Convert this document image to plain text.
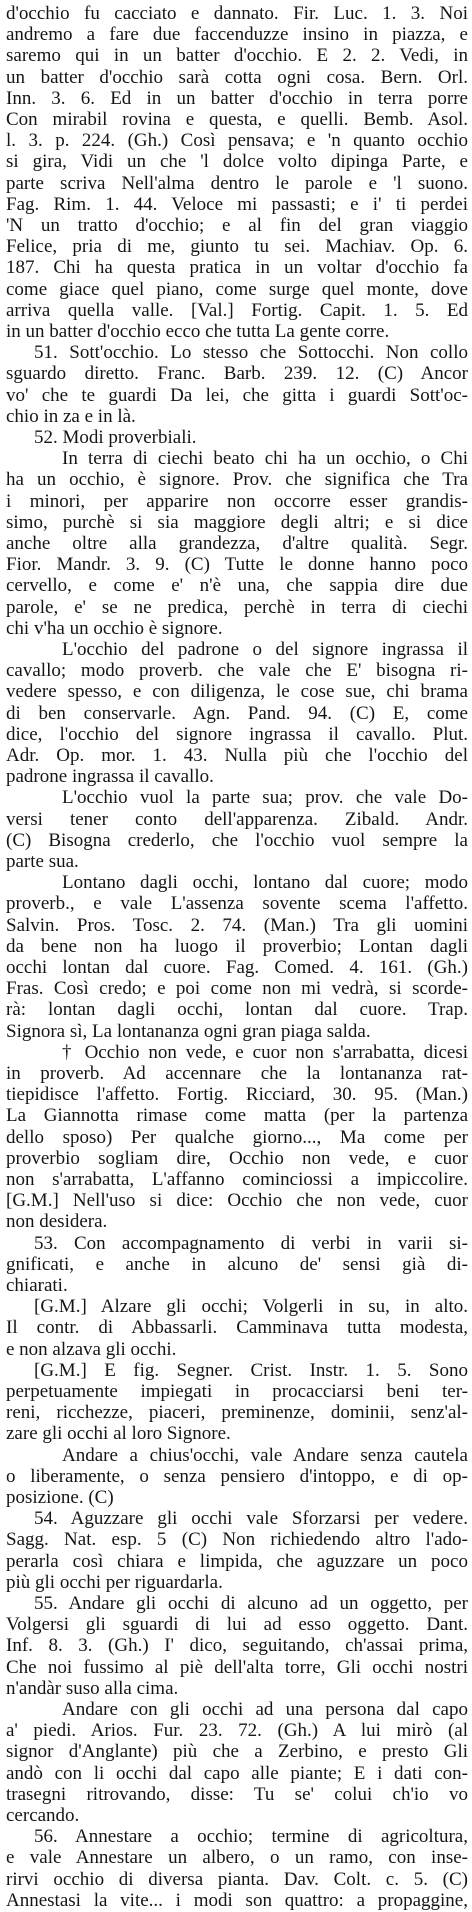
d'occhio fu cacciato e dannato. Fir. Luc. 1. 3. Noi
andremo a fare due faccenduzze insino in piazza, e
saremo qui in un batter d'occhio. E 2. 2. Vedi, in
un batter d'occhio sarà cotta ogni cosa. Bern. Orl.
Inn. 3. 6. Ed in un batter d'occhio in terra porre
Con mirabil rovina e questa, e quelli. Bemb. Asol.
l. 3. p. 224. (Gh.) Così pensava; e 'n quanto occhio
si gira, Vidi un che 'l dolce volto dipinga Parte, e
parte scriva Nell'alma dentro le parole e 'l suono.
Fag. Rim. 1. 44. Veloce mi passasti; e i' ti perdei
'N un tratto d'occhio; e al fin del gran viaggio
Felice, pria di me, giunto tu sei. Machiav. Op. 6.
187. Chi ha questa pratica in un voltar d'occhio fa
come giace quel piano, come surge quel monte, dove
arriva quella valle. [Val.] Fortig. Capit. 1. 5. Ed
in un batter d'occhio ecco che tutta La gente corre.
51. Sott'occhio. Lo stesso che Sottocchi. Non collo
sguardo diretto. Franc. Barb. 239. 12. (C) Ancor
vo' che te guardi Da lei, che gitta i guardi Sott'oc-
chio in za e in là.
52. Modi proverbiali.
In terra di ciechi beato chi ha un occhio, o Chi
ha un occhio, è signore. Prov. che significa che Tra
i minori, per apparire non occorre esser grandis-
simo, purchè si sia maggiore degli altri; e si dice
anche oltre alla grandezza, d'altre qualità. Segr.
Fior. Mandr. 3. 9. (C) Tutte le donne hanno poco
cervello, e come e' n'è una, che sappia dire due
parole, e' se ne predica, perchè in terra di ciechi
chi v'ha un occhio è signore.
L'occhio del padrone o del signore ingrassa il
cavallo; modo proverb. che vale che E' bisogna ri-
vedere spesso, e con diligenza, le cose sue, chi brama
di ben conservarle. Agn. Pand. 94. (C) E, come
dice, l'occhio del signore ingrassa il cavallo. Plut.
Adr. Op. mor. 1. 43. Nulla più che l'occhio del
padrone ingrassa il cavallo.
L'occhio vuol la parte sua; prov. che vale Do-
versi tener conto dell'apparenza. Zibald. Andr.
(C) Bisogna crederlo, che l'occhio vuol sempre la
parte sua.
Lontano dagli occhi, lontano dal cuore; modo
proverb., e vale L'assenza sovente scema l'affetto.
Salvin. Pros. Tosc. 2. 74. (Man.) Tra gli uomini
da bene non ha luogo il proverbio; Lontan dagli
occhi lontan dal cuore. Fag. Comed. 4. 161. (Gh.)
Fras. Così credo; e poi come non mi vedrà, si scorde-
rà: lontan dagli occhi, lontan dal cuore. Trap.
Signora sì, La lontananza ogni gran piaga salda.
† Occhio non vede, e cuor non s'arrabatta, dicesi
in proverb. Ad accennare che la lontananza rat-
tiepidisce l'affetto. Fortig. Ricciard, 30. 95. (Man.)
La Giannotta rimase come matta (per la partenza
dello sposo) Per qualche giorno..., Ma come per
proverbio sogliam dire, Occhio non vede, e cuor
non s'arrabatta, L'affanno cominciossi a impiccolire.
[G.M.] Nell'uso si dice: Occhio che non vede, cuor
non desidera.
53. Con accompagnamento di verbi in varii si-
gnificati, e anche in alcuno de' sensi già di-
chiarati.
[G.M.] Alzare gli occhi; Volgerli in su, in alto.
Il contr. di Abbassarli. Camminava tutta modesta,
e non alzava gli occhi.
[G.M.] E fig. Segner. Crist. Instr. 1. 5. Sono
perpetuamente impiegati in procacciarsi beni ter-
reni, ricchezze, piaceri, preminenze, dominii, senz'al-
zare gli occhi al loro Signore.
Andare a chius'occhi, vale Andare senza cautela
o liberamente, o senza pensiero d'intoppo, e di op-
posizione. (C)
54. Aguzzare gli occhi vale Sforzarsi per vedere.
Sagg. Nat. esp. 5 (C) Non richiedendo altro l'ado-
perarla così chiara e limpida, che aguzzare un poco
più gli occhi per riguardarla.
55. Andare gli occhi di alcuno ad un oggetto, per
Volgersi gli sguardi di lui ad esso oggetto. Dant.
Inf. 8. 3. (Gh.) I' dico, seguitando, ch'assai prima,
Che noi fussimo al piè dell'alta torre, Gli occhi nostri
n'andàr suso alla cima.
Andare con gli occhi ad una persona dal capo
a' piedi. Arios. Fur. 23. 72. (Gh.) A lui mirò (al
signor d'Anglante) più che a Zerbino, e presto Gli
andò con li occhi dal capo alle piante; E i dati con-
trasegni ritrovando, disse: Tu se' colui ch'io vo
cercando.
56. Annestare a occhio; termine di agricoltura,
e vale Annestare un albero, o un ramo, con inse-
rirvi occhio di diversa pianta. Dav. Colt. c. 5. (C)
Annestasi la vite... i modi son quattro: a propaggine,
